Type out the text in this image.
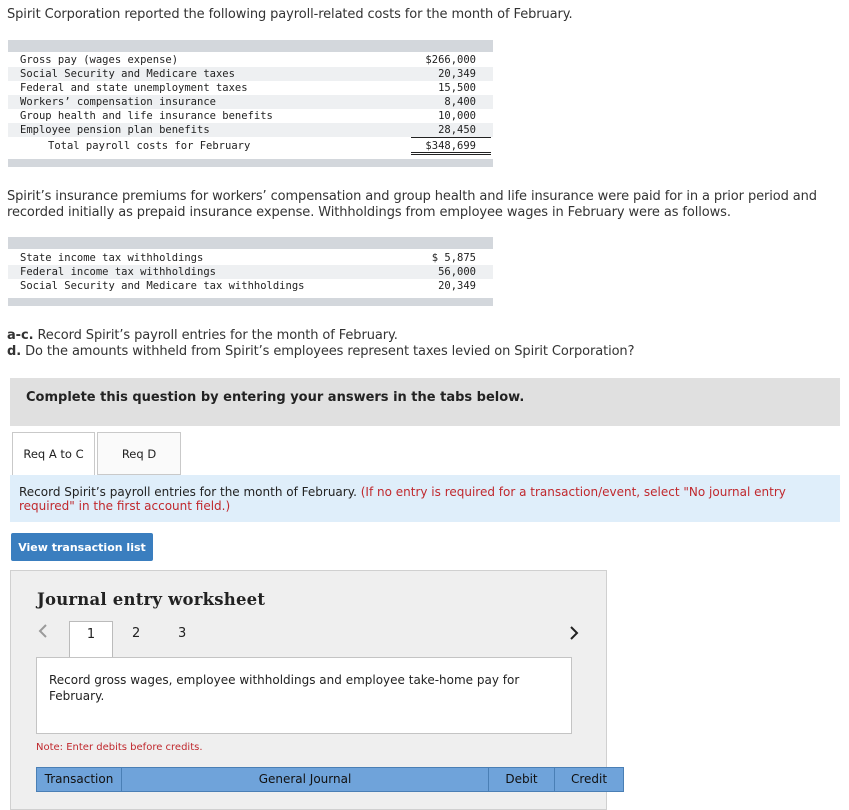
Spirit Corporation reported the following payroll-related costs for the month of February.
Gross pay (wages expense)	$266,000
Social Security and Medicare taxes	20,349
Federal and state unemployment taxes	15,500
Workers’ compensation insurance	8,400
Group health and life insurance benefits	10,000
Employee pension plan benefits	28,450
Total payroll costs for February	$348,699
Spirit’s insurance premiums for workers’ compensation and group health and life insurance were paid for in a prior period and recorded initially as prepaid insurance expense. Withholdings from employee wages in February were as follows.
State income tax withholdings	$ 5,875
Federal income tax withholdings	56,000
Social Security and Medicare tax withholdings	20,349
a-c. Record Spirit’s payroll entries for the month of February.
d. Do the amounts withheld from Spirit’s employees represent taxes levied on Spirit Corporation?
Complete this question by entering your answers in the tabs below.
Req A to C	Req D
Record Spirit’s payroll entries for the month of February. (If no entry is required for a transaction/event, select "No journal entry required" in the first account field.)
View transaction list
Journal entry worksheet
1	2	3
Record gross wages, employee withholdings and employee take-home pay for February.
Note: Enter debits before credits.
Transaction	General Journal	Debit	Credit
